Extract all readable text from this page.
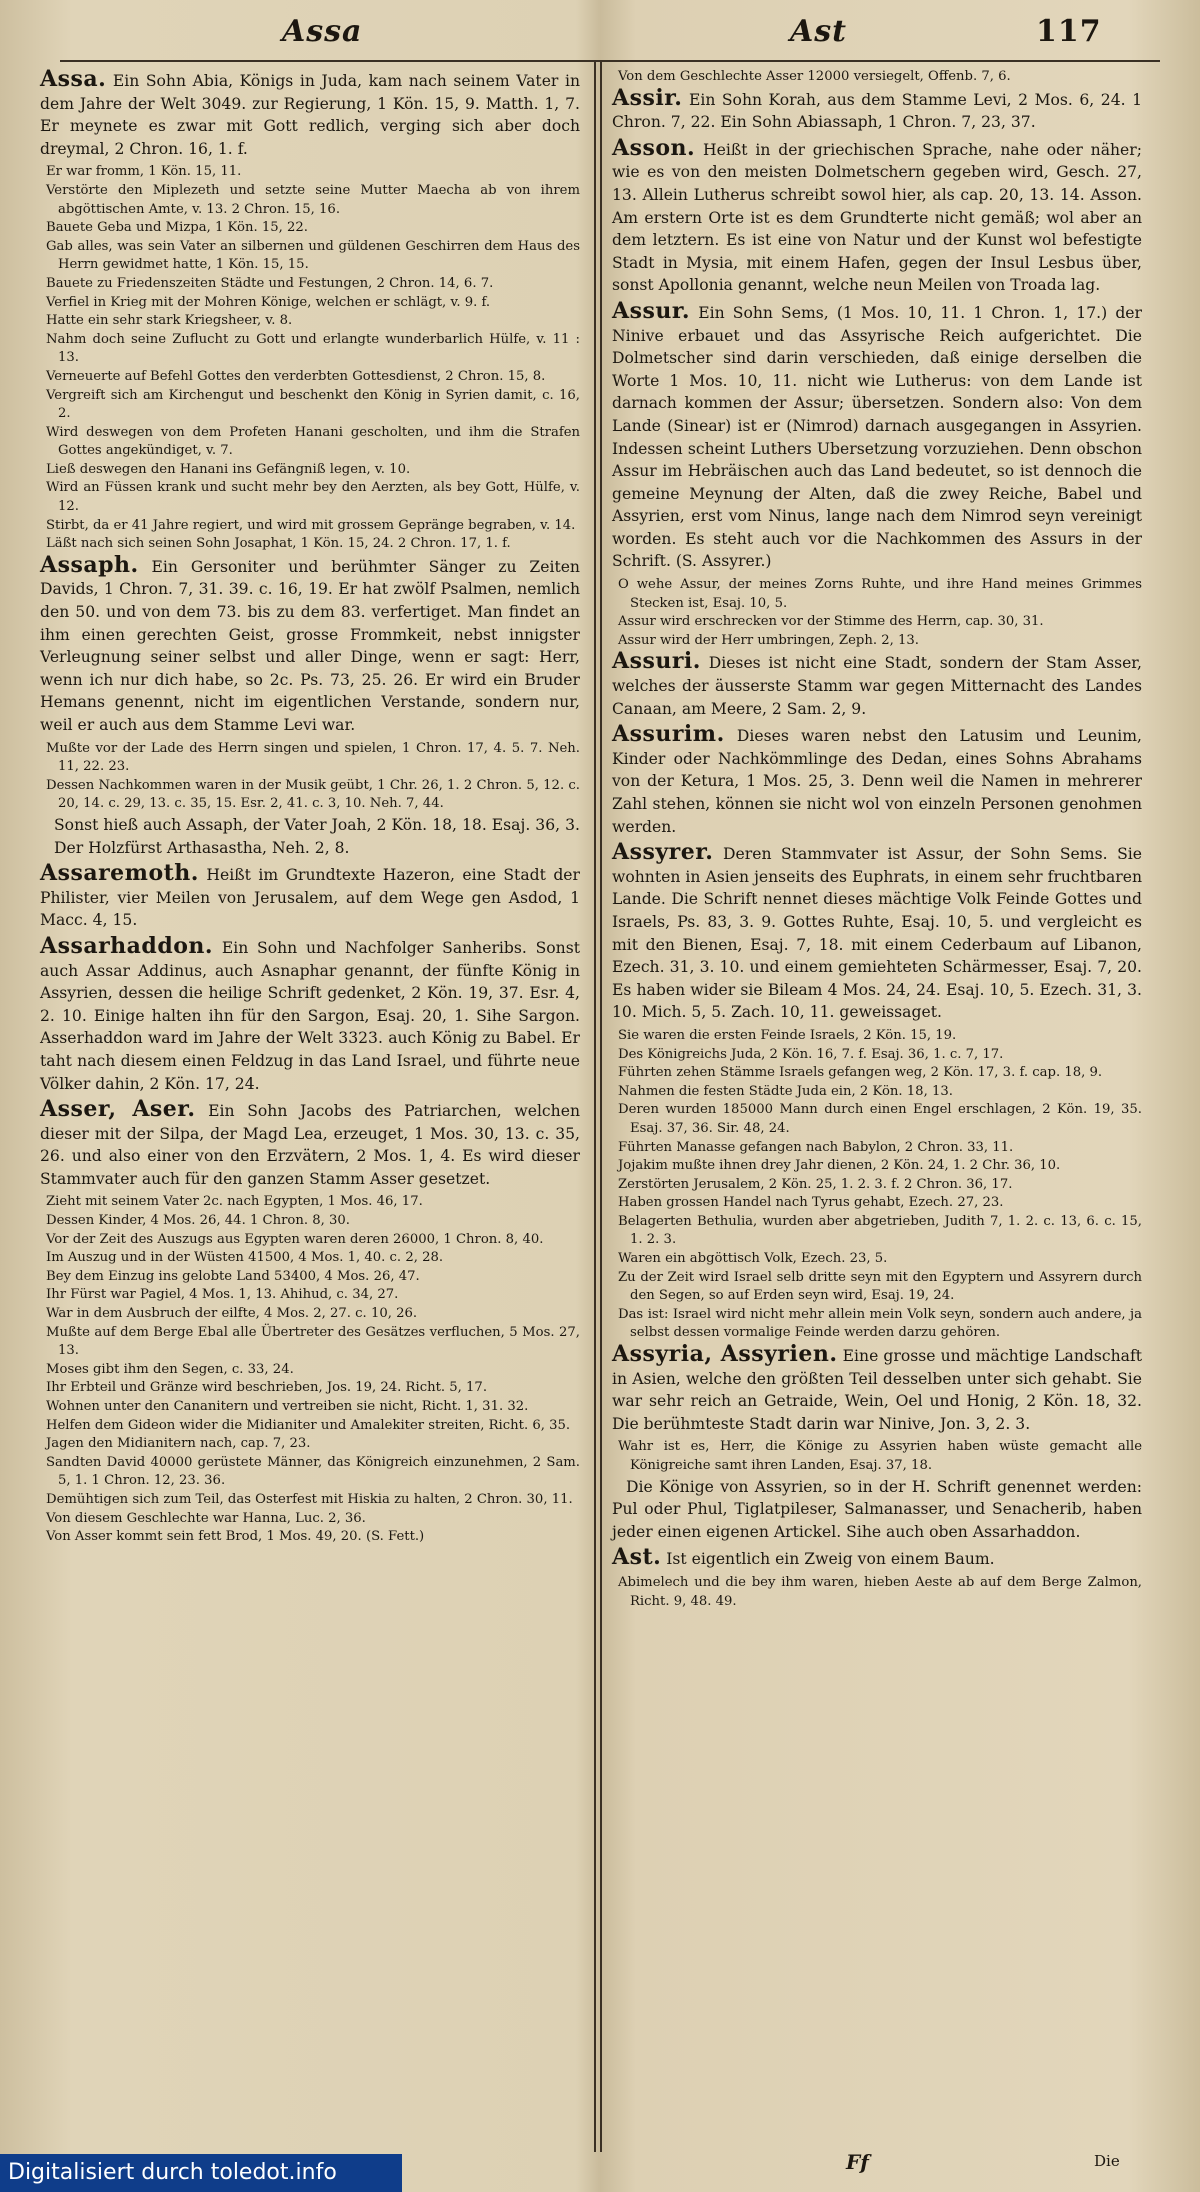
Assa	Ast	117

Assa. Ein Sohn Abia, Königs in Juda, kam nach seinem Vater in dem Jahre der Welt 3049. zur Regierung, 1 Kön. 15, 9. Matth. 1, 7. Er meynete es zwar mit Gott redlich, verging sich aber doch dreymal, 2 Chron. 16, 1. f.

Er war fromm, 1 Kön. 15, 11.

Verstörte den Miplezeth und setzte seine Mutter Maecha ab von ihrem abgöttischen Amte, v. 13. 2 Chron. 15, 16.

Bauete Geba und Mizpa, 1 Kön. 15, 22.

Gab alles, was sein Vater an silbernen und güldenen Geschirren dem Haus des Herrn gewidmet hatte, 1 Kön. 15, 15.

Bauete zu Friedenszeiten Städte und Festungen, 2 Chron. 14, 6. 7.

Verfiel in Krieg mit der Mohren Könige, welchen er schlägt, v. 9. f.

Hatte ein sehr stark Kriegsheer, v. 8.

Nahm doch seine Zuflucht zu Gott und erlangte wunderbarlich Hülfe, v. 11 : 13.

Verneuerte auf Befehl Gottes den verderbten Gottesdienst, 2 Chron. 15, 8.

Vergreift sich am Kirchengut und beschenkt den König in Syrien damit, c. 16, 2.

Wird deswegen von dem Profeten Hanani gescholten, und ihm die Strafen Gottes angekündiget, v. 7.

Ließ deswegen den Hanani ins Gefängniß legen, v. 10.

Wird an Füssen krank und sucht mehr bey den Aerzten, als bey Gott, Hülfe, v. 12.

Stirbt, da er 41 Jahre regiert, und wird mit grossem Gepränge begraben, v. 14.

Läßt nach sich seinen Sohn Josaphat, 1 Kön. 15, 24. 2 Chron. 17, 1. f.

Assaph. Ein Gersoniter und berühmter Sänger zu Zeiten Davids, 1 Chron. 7, 31. 39. c. 16, 19. Er hat zwölf Psalmen, nemlich den 50. und von dem 73. bis zu dem 83. verfertiget. Man findet an ihm einen gerechten Geist, grosse Frommkeit, nebst innigster Verleugnung seiner selbst und aller Dinge, wenn er sagt: Herr, wenn ich nur dich habe, so 2c. Ps. 73, 25. 26. Er wird ein Bruder Hemans genennt, nicht im eigentlichen Verstande, sondern nur, weil er auch aus dem Stamme Levi war.

Mußte vor der Lade des Herrn singen und spielen, 1 Chron. 17, 4. 5. 7. Neh. 11, 22. 23.

Dessen Nachkommen waren in der Musik geübt, 1 Chr. 26, 1. 2 Chron. 5, 12. c. 20, 14. c. 29, 13. c. 35, 15. Esr. 2, 41. c. 3, 10. Neh. 7, 44.

Sonst hieß auch Assaph, der Vater Joah, 2 Kön. 18, 18. Esaj. 36, 3. Der Holzfürst Arthasastha, Neh. 2, 8.

Assaremoth. Heißt im Grundtexte Hazeron, eine Stadt der Philister, vier Meilen von Jerusalem, auf dem Wege gen Asdod, 1 Macc. 4, 15.

Assarhaddon. Ein Sohn und Nachfolger Sanheribs. Sonst auch Assar Addinus, auch Asnaphar genannt, der fünfte König in Assyrien, dessen die heilige Schrift gedenket, 2 Kön. 19, 37. Esr. 4, 2. 10. Einige halten ihn für den Sargon, Esaj. 20, 1. Sihe Sargon. Asserhaddon ward im Jahre der Welt 3323. auch König zu Babel. Er taht nach diesem einen Feldzug in das Land Israel, und führte neue Völker dahin, 2 Kön. 17, 24.

Asser, Aser. Ein Sohn Jacobs des Patriarchen, welchen dieser mit der Silpa, der Magd Lea, erzeuget, 1 Mos. 30, 13. c. 35, 26. und also einer von den Erzvätern, 2 Mos. 1, 4. Es wird dieser Stammvater auch für den ganzen Stamm Asser gesetzet.

Zieht mit seinem Vater 2c. nach Egypten, 1 Mos. 46, 17.

Dessen Kinder, 4 Mos. 26, 44. 1 Chron. 8, 30.

Vor der Zeit des Auszugs aus Egypten waren deren 26000, 1 Chron. 8, 40.

Im Auszug und in der Wüsten 41500, 4 Mos. 1, 40. c. 2, 28.

Bey dem Einzug ins gelobte Land 53400, 4 Mos. 26, 47.

Ihr Fürst war Pagiel, 4 Mos. 1, 13. Ahihud, c. 34, 27.

War in dem Ausbruch der eilfte, 4 Mos. 2, 27. c. 10, 26.

Mußte auf dem Berge Ebal alle Übertreter des Gesätzes verfluchen, 5 Mos. 27, 13.

Moses gibt ihm den Segen, c. 33, 24.

Ihr Erbteil und Gränze wird beschrieben, Jos. 19, 24. Richt. 5, 17.

Wohnen unter den Cananitern und vertreiben sie nicht, Richt. 1, 31. 32.

Helfen dem Gideon wider die Midianiter und Amalekiter streiten, Richt. 6, 35.

Jagen den Midianitern nach, cap. 7, 23.

Sandten David 40000 gerüstete Männer, das Königreich einzunehmen, 2 Sam. 5, 1. 1 Chron. 12, 23. 36.

Demühtigen sich zum Teil, das Osterfest mit Hiskia zu halten, 2 Chron. 30, 11.

Von diesem Geschlechte war Hanna, Luc. 2, 36.

Von Asser kommt sein fett Brod, 1 Mos. 49, 20. (S. Fett.)

Von dem Geschlechte Asser 12000 versiegelt, Offenb. 7, 6.

Assir. Ein Sohn Korah, aus dem Stamme Levi, 2 Mos. 6, 24. 1 Chron. 7, 22. Ein Sohn Abiassaph, 1 Chron. 7, 23, 37.

Asson. Heißt in der griechischen Sprache, nahe oder näher; wie es von den meisten Dolmetschern gegeben wird, Gesch. 27, 13. Allein Lutherus schreibt sowol hier, als cap. 20, 13. 14. Asson. Am erstern Orte ist es dem Grundterte nicht gemäß; wol aber an dem letztern. Es ist eine von Natur und der Kunst wol befestigte Stadt in Mysia, mit einem Hafen, gegen der Insul Lesbus über, sonst Apollonia genannt, welche neun Meilen von Troada lag.

Assur. Ein Sohn Sems, (1 Mos. 10, 11. 1 Chron. 1, 17.) der Ninive erbauet und das Assyrische Reich aufgerichtet. Die Dolmetscher sind darin verschieden, daß einige derselben die Worte 1 Mos. 10, 11. nicht wie Lutherus: von dem Lande ist darnach kommen der Assur; übersetzen. Sondern also: Von dem Lande (Sinear) ist er (Nimrod) darnach ausgegangen in Assyrien. Indessen scheint Luthers Ubersetzung vorzuziehen. Denn obschon Assur im Hebräischen auch das Land bedeutet, so ist dennoch die gemeine Meynung der Alten, daß die zwey Reiche, Babel und Assyrien, erst vom Ninus, lange nach dem Nimrod seyn vereinigt worden. Es steht auch vor die Nachkommen des Assurs in der Schrift. (S. Assyrer.)

O wehe Assur, der meines Zorns Ruhte, und ihre Hand meines Grimmes Stecken ist, Esaj. 10, 5.

Assur wird erschrecken vor der Stimme des Herrn, cap. 30, 31.

Assur wird der Herr umbringen, Zeph. 2, 13.

Assuri. Dieses ist nicht eine Stadt, sondern der Stam Asser, welches der äusserste Stamm war gegen Mitternacht des Landes Canaan, am Meere, 2 Sam. 2, 9.

Assurim. Dieses waren nebst den Latusim und Leunim, Kinder oder Nachkömmlinge des Dedan, eines Sohns Abrahams von der Ketura, 1 Mos. 25, 3. Denn weil die Namen in mehrerer Zahl stehen, können sie nicht wol von einzeln Personen genohmen werden.

Assyrer. Deren Stammvater ist Assur, der Sohn Sems. Sie wohnten in Asien jenseits des Euphrats, in einem sehr fruchtbaren Lande. Die Schrift nennet dieses mächtige Volk Feinde Gottes und Israels, Ps. 83, 3. 9. Gottes Ruhte, Esaj. 10, 5. und vergleicht es mit den Bienen, Esaj. 7, 18. mit einem Cederbaum auf Libanon, Ezech. 31, 3. 10. und einem gemiehteten Schärmesser, Esaj. 7, 20. Es haben wider sie Bileam 4 Mos. 24, 24. Esaj. 10, 5. Ezech. 31, 3. 10. Mich. 5, 5. Zach. 10, 11. geweissaget.

Sie waren die ersten Feinde Israels, 2 Kön. 15, 19.

Des Königreichs Juda, 2 Kön. 16, 7. f. Esaj. 36, 1. c. 7, 17.

Führten zehen Stämme Israels gefangen weg, 2 Kön. 17, 3. f. cap. 18, 9.

Nahmen die festen Städte Juda ein, 2 Kön. 18, 13.

Deren wurden 185000 Mann durch einen Engel erschlagen, 2 Kön. 19, 35. Esaj. 37, 36. Sir. 48, 24.

Führten Manasse gefangen nach Babylon, 2 Chron. 33, 11.

Jojakim mußte ihnen drey Jahr dienen, 2 Kön. 24, 1. 2 Chr. 36, 10.

Zerstörten Jerusalem, 2 Kön. 25, 1. 2. 3. f. 2 Chron. 36, 17.

Haben grossen Handel nach Tyrus gehabt, Ezech. 27, 23.

Belagerten Bethulia, wurden aber abgetrieben, Judith 7, 1. 2. c. 13, 6. c. 15, 1. 2. 3.

Waren ein abgöttisch Volk, Ezech. 23, 5.

Zu der Zeit wird Israel selb dritte seyn mit den Egyptern und Assyrern durch den Segen, so auf Erden seyn wird, Esaj. 19, 24.

Das ist: Israel wird nicht mehr allein mein Volk seyn, sondern auch andere, ja selbst dessen vormalige Feinde werden darzu gehören.

Assyria, Assyrien. Eine grosse und mächtige Landschaft in Asien, welche den größten Teil desselben unter sich gehabt. Sie war sehr reich an Getraide, Wein, Oel und Honig, 2 Kön. 18, 32. Die berühmteste Stadt darin war Ninive, Jon. 3, 2. 3.

Wahr ist es, Herr, die Könige zu Assyrien haben wüste gemacht alle Königreiche samt ihren Landen, Esaj. 37, 18.

Die Könige von Assyrien, so in der H. Schrift genennet werden: Pul oder Phul, Tiglatpileser, Salmanasser, und Senacherib, haben jeder einen eigenen Artickel. Sihe auch oben Assarhaddon.

Ast. Ist eigentlich ein Zweig von einem Baum.

Abimelech und die bey ihm waren, hieben Aeste ab auf dem Berge Zalmon, Richt. 9, 48. 49.

Ff	Die
Digitalisiert durch toledot.info
